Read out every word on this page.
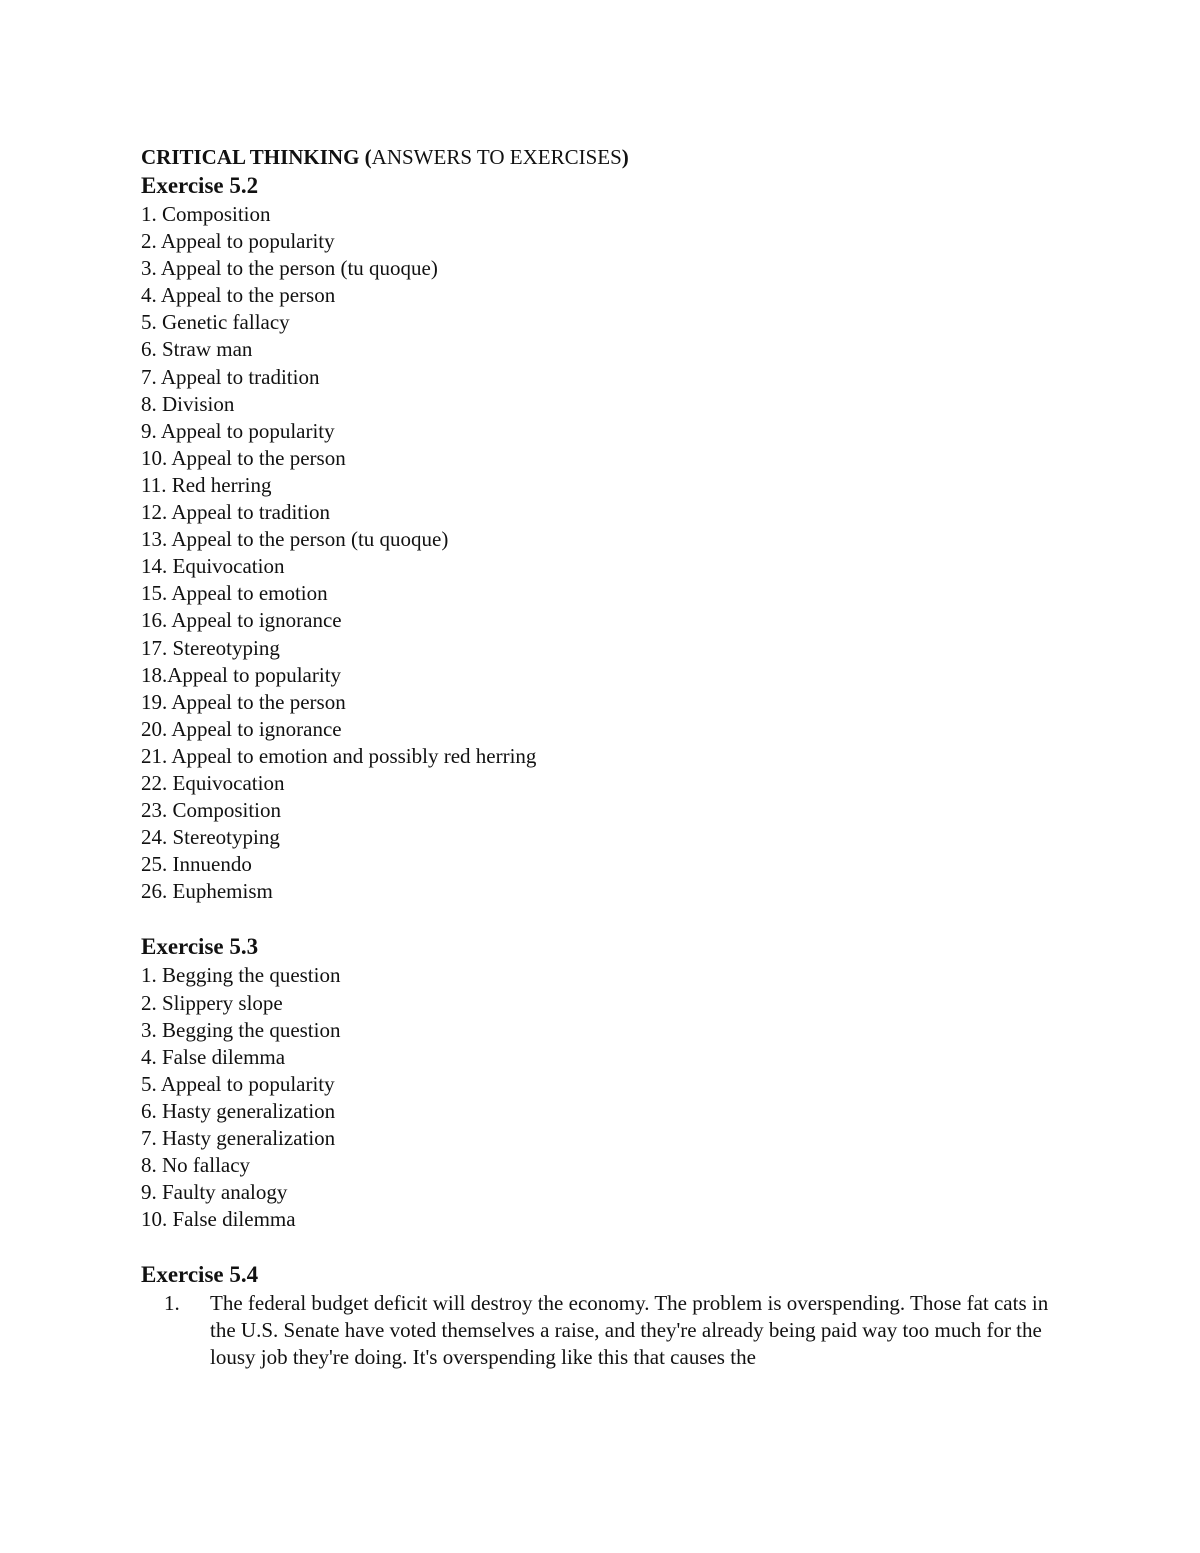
CRITICAL THINKING (ANSWERS TO EXERCISES)
Exercise 5.2
1. Composition
2. Appeal to popularity
3. Appeal to the person (tu quoque)
4. Appeal to the person
5. Genetic fallacy
6. Straw man
7. Appeal to tradition
8. Division
9. Appeal to popularity
10. Appeal to the person
11. Red herring
12. Appeal to tradition
13. Appeal to the person (tu quoque)
14. Equivocation
15. Appeal to emotion
16. Appeal to ignorance
17. Stereotyping
18.Appeal to popularity
19. Appeal to the person
20. Appeal to ignorance
21. Appeal to emotion and possibly red herring
22. Equivocation
23. Composition
24. Stereotyping
25. Innuendo
26. Euphemism
Exercise 5.3
1. Begging the question
2. Slippery slope
3. Begging the question
4. False dilemma
5. Appeal to popularity
6. Hasty generalization
7. Hasty generalization
8. No fallacy
9. Faulty analogy
10. False dilemma
Exercise 5.4
1.	The federal budget deficit will destroy the economy. The problem is overspending. Those fat cats in the U.S. Senate have voted themselves a raise, and they're already being paid way too much for the lousy job they're doing. It's overspending like this that causes the
